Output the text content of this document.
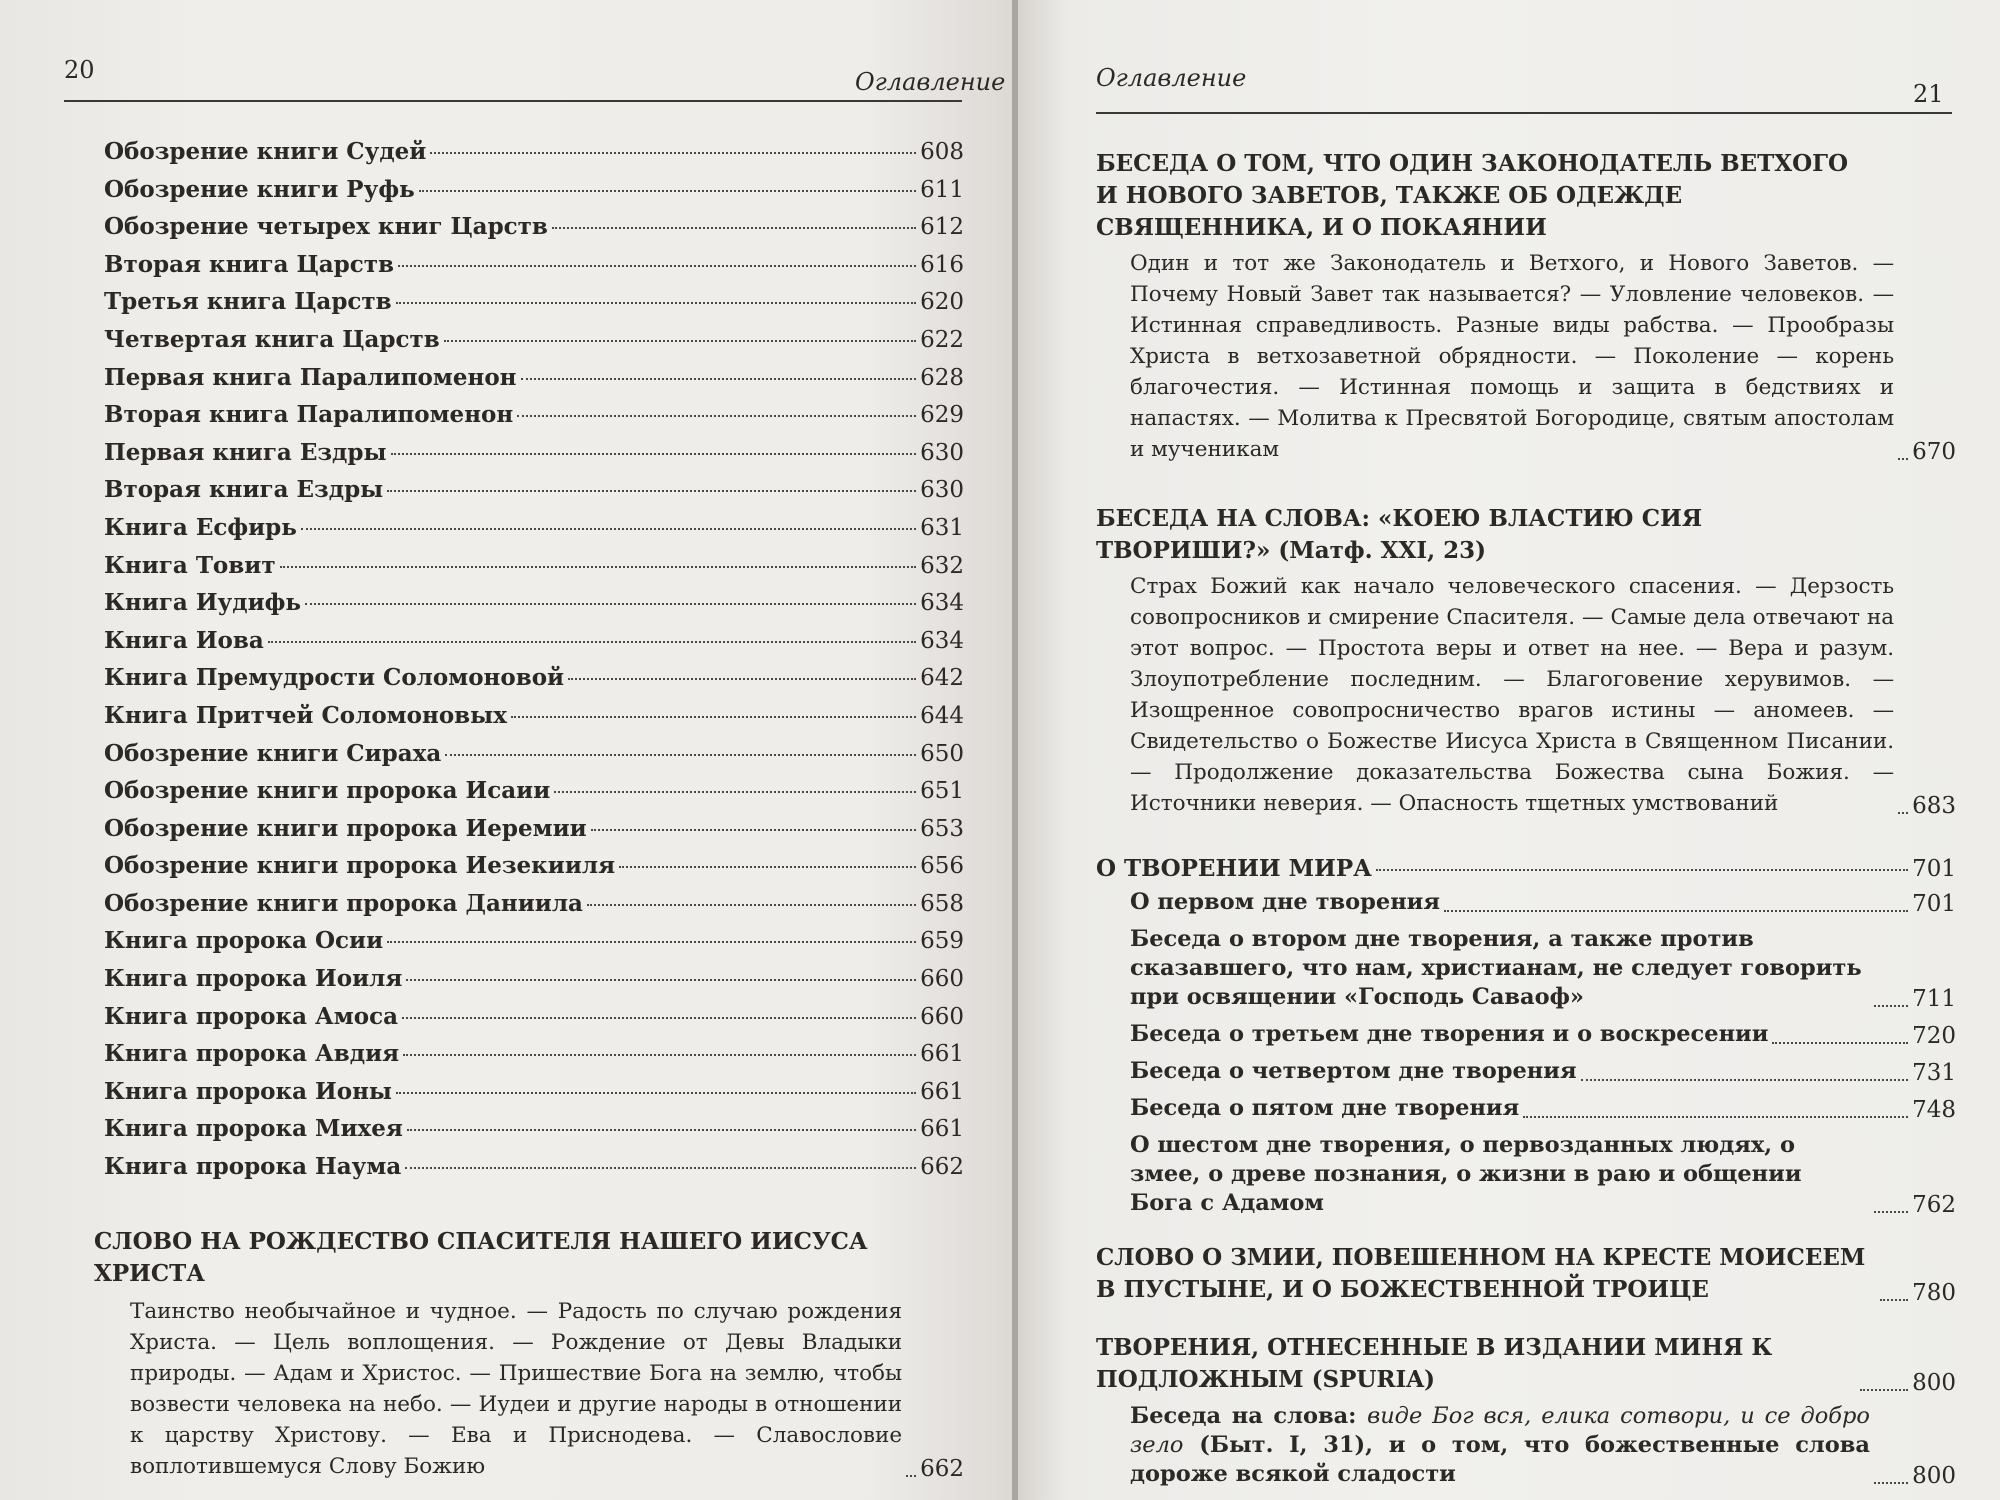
20	Оглавление
Обозрение книги Судей	608
Обозрение книги Руфь	611
Обозрение четырех книг Царств	612
Вторая книга Царств	616
Третья книга Царств	620
Четвертая книга Царств	622
Первая книга Паралипоменон	628
Вторая книга Паралипоменон	629
Первая книга Ездры	630
Вторая книга Ездры	630
Книга Есфирь	631
Книга Товит	632
Книга Иудифь	634
Книга Иова	634
Книга Премудрости Соломоновой	642
Книга Притчей Соломоновых	644
Обозрение книги Сираха	650
Обозрение книги пророка Исаии	651
Обозрение книги пророка Иеремии	653
Обозрение книги пророка Иезекииля	656
Обозрение книги пророка Даниила	658
Книга пророка Осии	659
Книга пророка Иоиля	660
Книга пророка Амоса	660
Книга пророка Авдия	661
Книга пророка Ионы	661
Книга пророка Михея	661
Книга пророка Наума	662
СЛОВО НА РОЖДЕСТВО СПАСИТЕЛЯ НАШЕГО ИИСУСА ХРИСТА
Таинство необычайное и чудное. — Радость по случаю рождения Христа. — Цель воплощения. — Рождение от Девы Владыки природы. — Адам и Христос. — Пришествие Бога на землю, чтобы возвести человека на небо. — Иудеи и другие народы в отношении к царству Христову. — Ева и Приснодева. — Славословие воплотившемуся Слову Божию	662
Оглавление
21
БЕСЕДА О ТОМ, ЧТО ОДИН ЗАКОНОДАТЕЛЬ ВЕТХОГО И НОВОГО ЗАВЕТОВ, ТАКЖЕ ОБ ОДЕЖДЕ СВЯЩЕННИКА, И О ПОКАЯНИИ
Один и тот же Законодатель и Ветхого, и Нового Заветов. — Почему Новый Завет так называется? — Уловление человеков. — Истинная справедливость. Разные виды рабства. — Прообразы Христа в ветхозаветной обрядности. — Поколение — корень благочестия. — Истинная помощь и защита в бедствиях и напастях. — Молитва к Пресвятой Богородице, святым апостолам и мученикам	670
БЕСЕДА НА СЛОВА: «КОЕЮ ВЛАСТИЮ СИЯ ТВОРИШИ?» (Матф. XXI, 23)
Страх Божий как начало человеческого спасения. — Дерзость совопросников и смирение Спасителя. — Самые дела отвечают на этот вопрос. — Простота веры и ответ на нее. — Вера и разум. Злоупотребление последним. — Благоговение херувимов. — Изощренное совопросничество врагов истины — аномеев. — Свидетельство о Божестве Иисуса Христа в Священном Писании. — Продолжение доказательства Божества сына Божия. — Источники неверия. — Опасность тщетных умствований	683
О ТВОРЕНИИ МИРА	701
О первом дне творения	701
Беседа о втором дне творения, а также против сказавшего, что нам, христианам, не следует говорить при освящении «Господь Саваоф»	711
Беседа о третьем дне творения и о воскресении	720
Беседа о четвертом дне творения	731
Беседа о пятом дне творения	748
О шестом дне творения, о первозданных людях, о змее, о древе познания, о жизни в раю и общении Бога с Адамом	762
СЛОВО О ЗМИИ, ПОВЕШЕННОМ НА КРЕСТЕ МОИСЕЕМ В ПУСТЫНЕ, И О БОЖЕСТВЕННОЙ ТРОИЦЕ	780
ТВОРЕНИЯ, ОТНЕСЕННЫЕ В ИЗДАНИИ МИНЯ К ПОДЛОЖНЫМ (SPURIA)	800
Беседа на слова: виде Бог вся, елика сотвори, и се добро зело (Быт. I, 31), и о том, что божественные слова дороже всякой сладости	800
